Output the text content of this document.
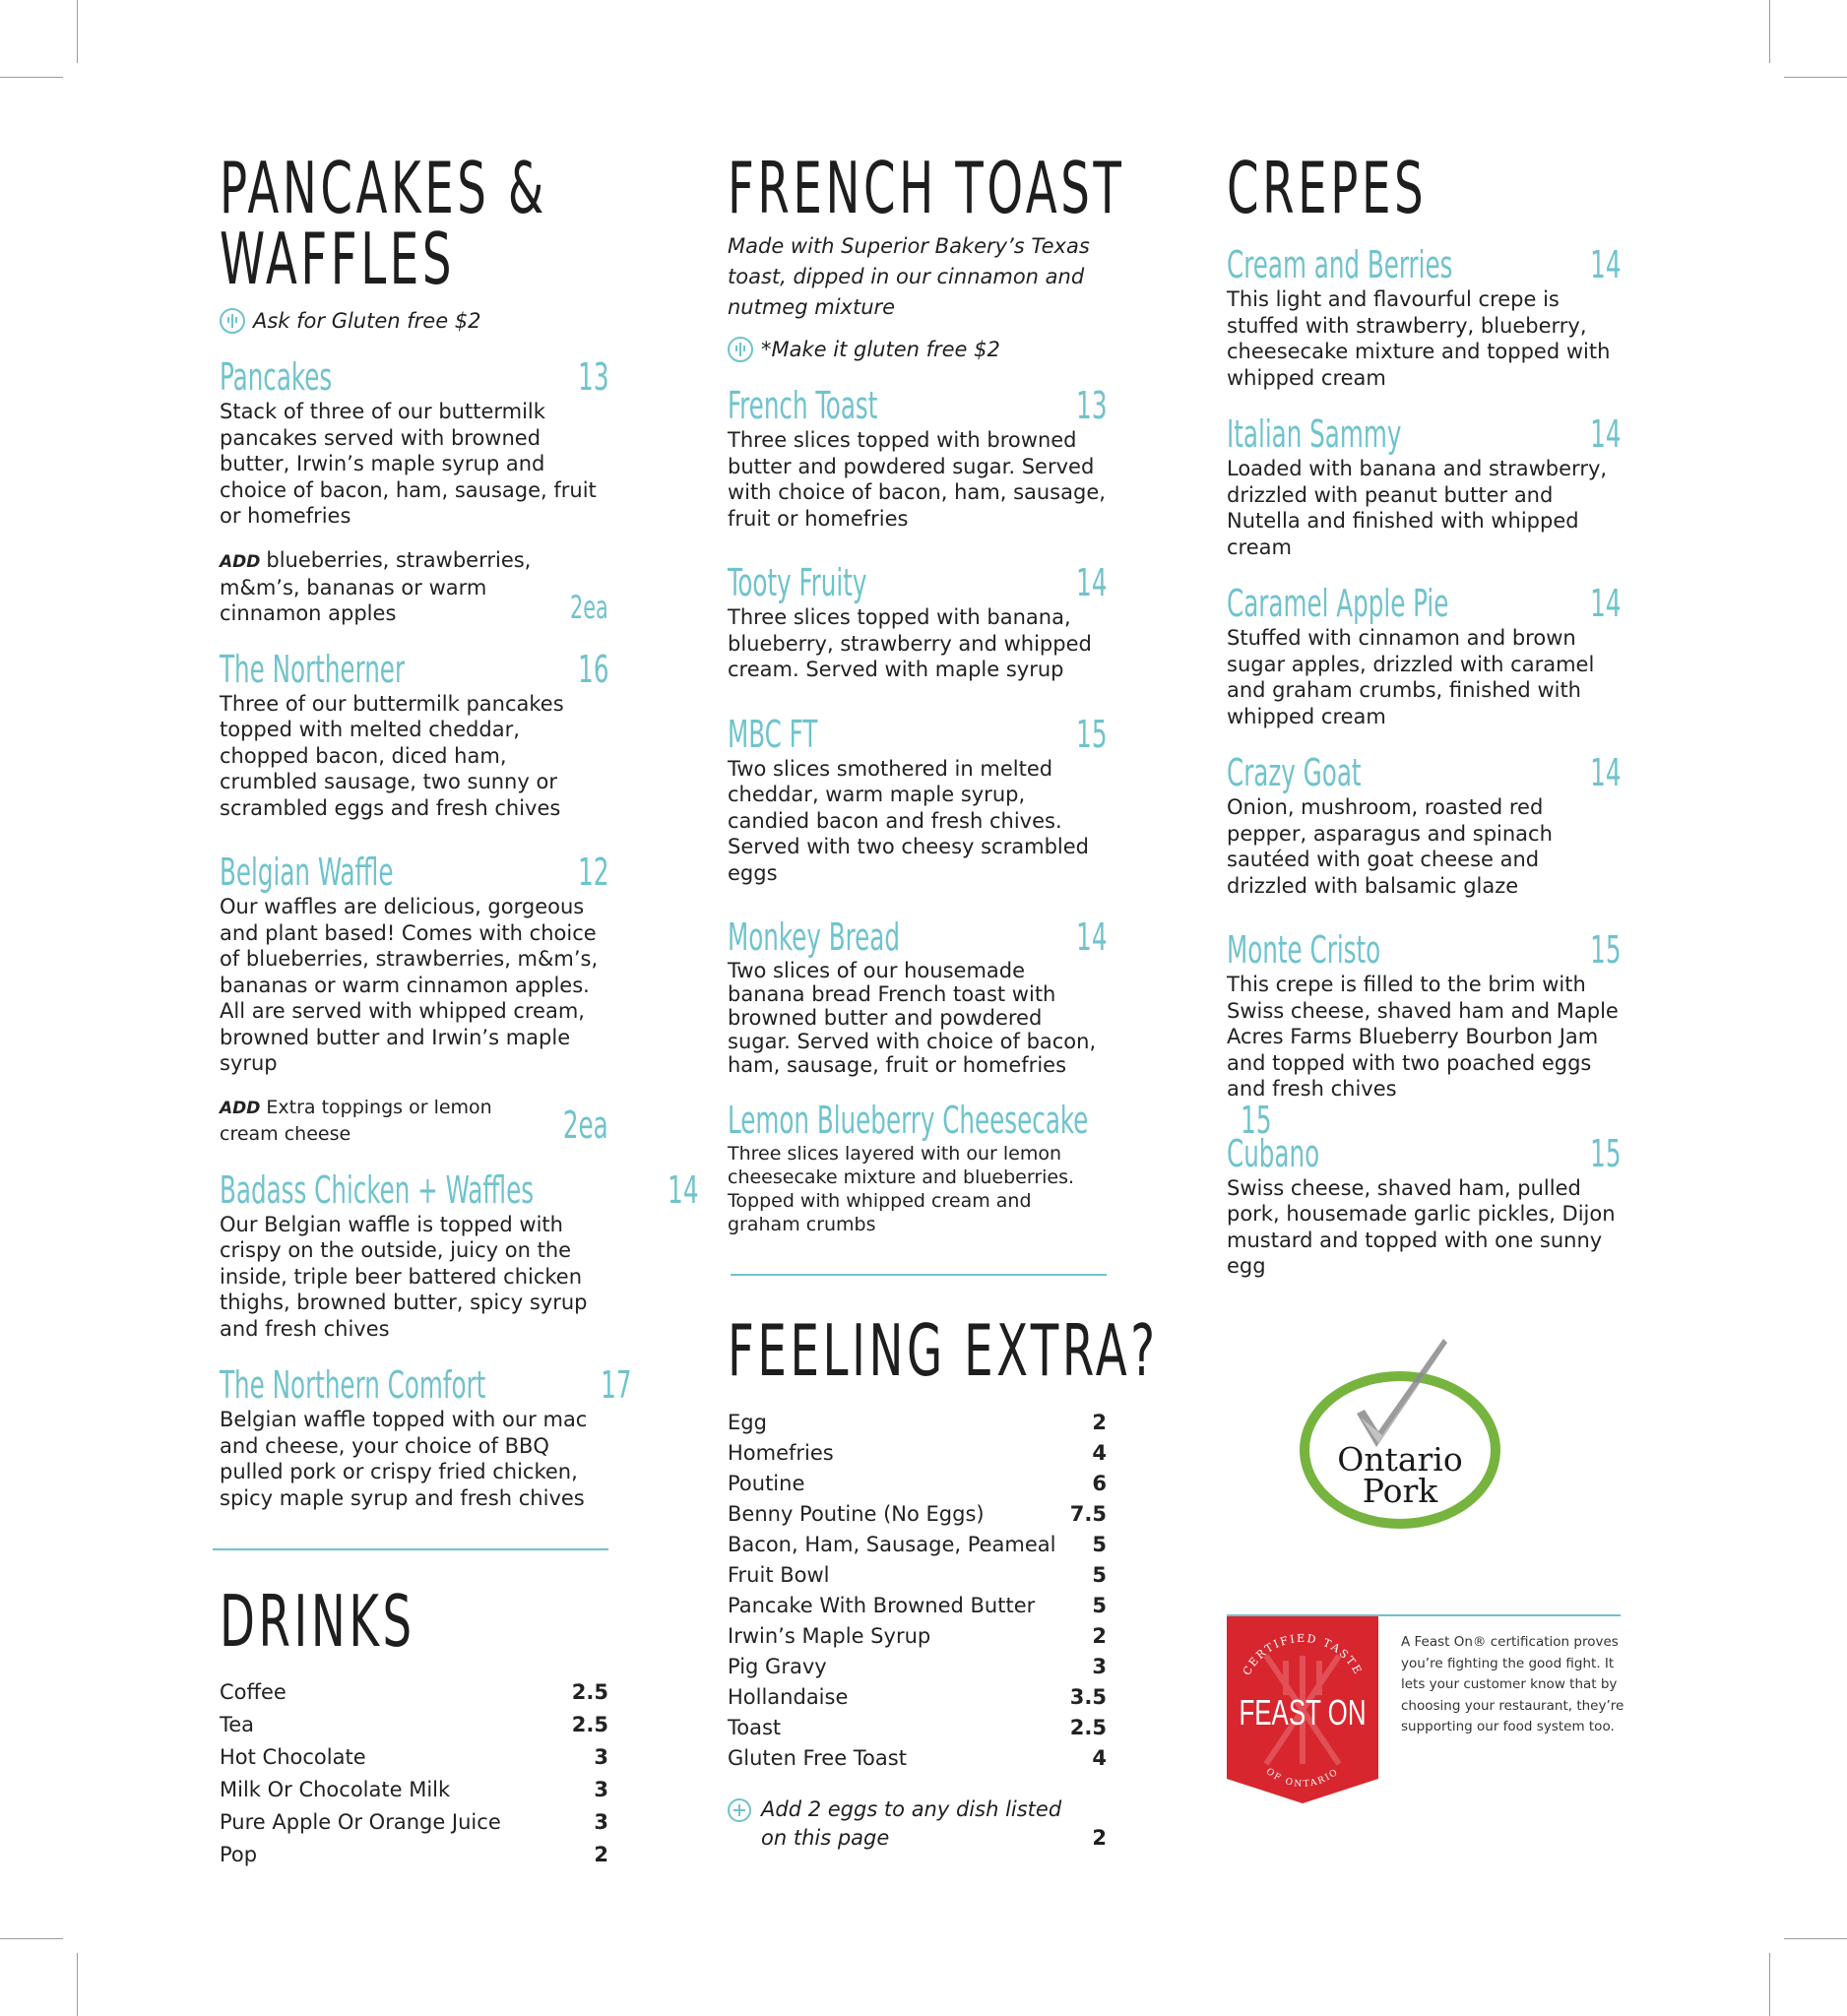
PANCAKES &
WAFFLES
Ask for Gluten free $2
Pancakes	13

Stack of three of our buttermilk pancakes served with browned butter, Irwin’s maple syrup and choice of bacon, ham, sausage, fruit or homefries

ADD blueberries, strawberries, m&m’s, bananas or warm cinnamon apples	2ea
The Northerner	16

Three of our buttermilk pancakes topped with melted cheddar, chopped bacon, diced ham, crumbled sausage, two sunny or scrambled eggs and fresh chives

Belgian Waffle	12

Our waffles are delicious, gorgeous and plant based! Comes with choice of blueberries, strawberries, m&m’s, bananas or warm cinnamon apples. All are served with whipped cream, browned butter and Irwin’s maple syrup

ADD Extra toppings or lemon cream cheese	2ea
Badass Chicken + Waffles	14

Our Belgian waffle is topped with crispy on the outside, juicy on the inside, triple beer battered chicken thighs, browned butter, spicy syrup and fresh chives

The Northern Comfort	17

Belgian waffle topped with our mac and cheese, your choice of BBQ pulled pork or crispy fried chicken, spicy maple syrup and fresh chives

DRINKS
Coffee	2.5
Tea	2.5
Hot Chocolate	3
Milk Or Chocolate Milk	3
Pure Apple Or Orange Juice	3
Pop	2
FRENCH TOAST

Made with Superior Bakery’s Texas toast, dipped in our cinnamon and nutmeg mixture

*Make it gluten free $2
French Toast	13

Three slices topped with browned butter and powdered sugar. Served with choice of bacon, ham, sausage, fruit or homefries

Tooty Fruity	14

Three slices topped with banana, blueberry, strawberry and whipped cream. Served with maple syrup

MBC FT	15

Two slices smothered in melted cheddar, warm maple syrup, candied bacon and fresh chives. Served with two cheesy scrambled eggs

Monkey Bread	14

Two slices of our housemade banana bread French toast with browned butter and powdered sugar. Served with choice of bacon, ham, sausage, fruit or homefries

Lemon Blueberry Cheesecake	15

Three slices layered with our lemon cheesecake mixture and blueberries. Topped with whipped cream and graham crumbs

FEELING EXTRA?
Egg	2
Homefries	4
Poutine	6
Benny Poutine (No Eggs)	7.5
Bacon, Ham, Sausage, Peameal 5
Fruit Bowl	5
Pancake With Browned Butter	5
Irwin’s Maple Syrup	2
Pig Gravy	3
Hollandaise	3.5
Toast	2.5
Gluten Free Toast	4
Add 2 eggs to any dish listed
on this page	2
CREPES
Cream and Berries	14

This light and flavourful crepe is stuffed with strawberry, blueberry, cheesecake mixture and topped with whipped cream

Italian Sammy	14

Loaded with banana and strawberry, drizzled with peanut butter and Nutella and finished with whipped cream

Caramel Apple Pie	14

Stuffed with cinnamon and brown sugar apples, drizzled with caramel and graham crumbs, finished with whipped cream

Crazy Goat	14

Onion, mushroom, roasted red pepper, asparagus and spinach sautéed with goat cheese and drizzled with balsamic glaze

Monte Cristo	15

This crepe is filled to the brim with Swiss cheese, shaved ham and Maple Acres Farms Blueberry Bourbon Jam and topped with two poached eggs and fresh chives

Cubano	15

Swiss cheese, shaved ham, pulled pork, housemade garlic pickles, Dijon mustard and topped with one sunny egg

Ontario
Pork
CERTIFIED TASTE
FEAST ON
OF ONTARIO
A Feast On® certification proves you’re fighting the good fight. It lets your customer know that by choosing your restaurant, they’re supporting our food system too.
